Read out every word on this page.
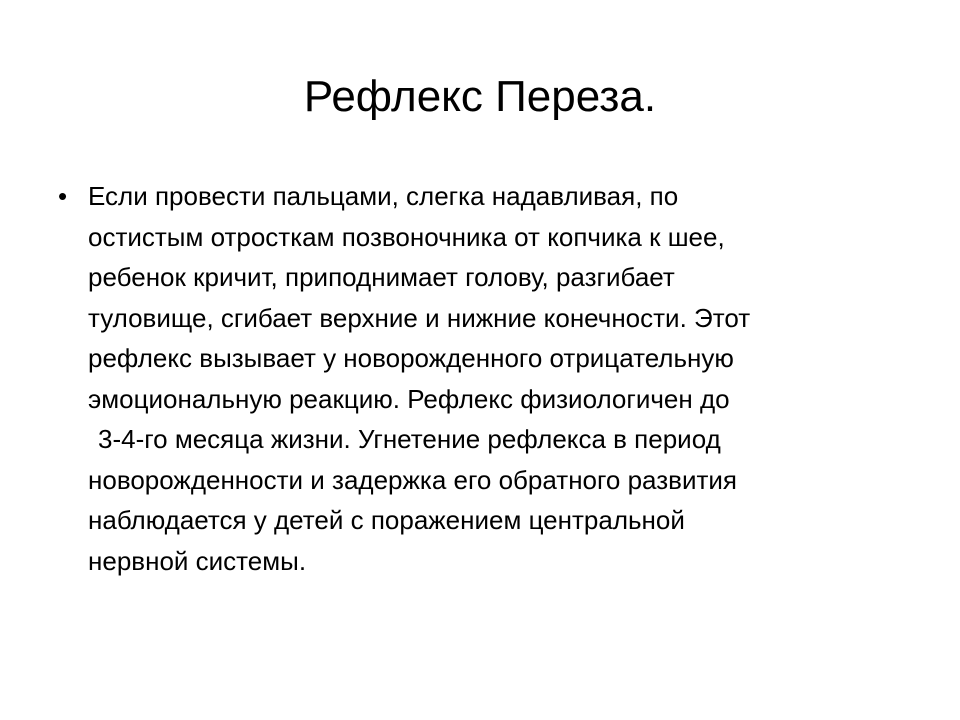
Рефлекс Переза.
• Если провести пальцами, слегка надавливая, по
остистым отросткам позвоночника от копчика к шее,
ребенок кричит, приподнимает голову, разгибает
туловище, сгибает верхние и нижние конечности. Этот
рефлекс вызывает у новорожденного отрицательную
эмоциональную реакцию. Рефлекс физиологичен до
3-4-го месяца жизни. Угнетение рефлекса в период
новорожденности и задержка его обратного развития
наблюдается у детей с поражением центральной
нервной системы.
